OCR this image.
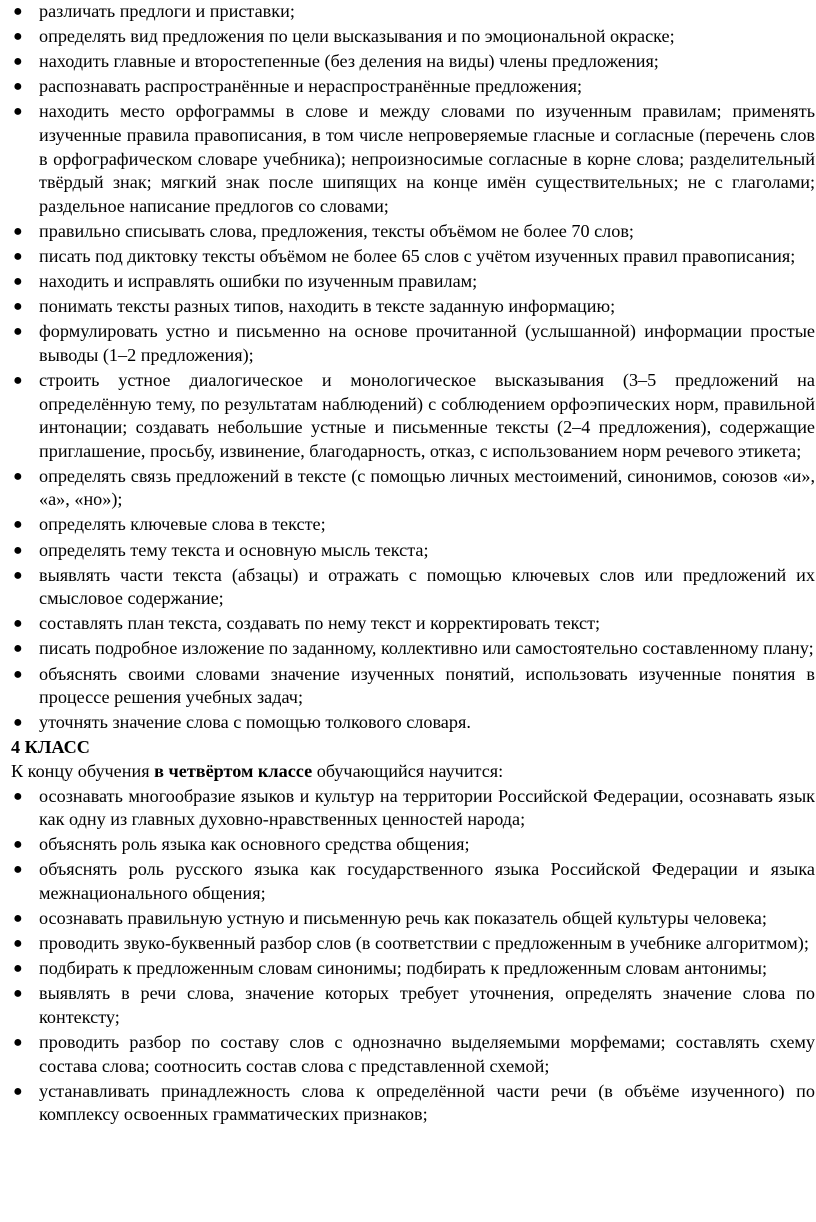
● различать предлоги и приставки;
● определять вид предложения по цели высказывания и по эмоциональной окраске;
● находить главные и второстепенные (без деления на виды) члены предложения;
● распознавать распространённые и нераспространённые предложения;
● находить место орфограммы в слове и между словами по изученным правилам; применять изученные правила правописания, в том числе непроверяемые гласные и согласные (перечень слов в орфографическом словаре учебника); непроизносимые согласные в корне слова; разделительный твёрдый знак; мягкий знак после шипящих на конце имён существительных; не с глаголами; раздельное написание предлогов со словами;
● правильно списывать слова, предложения, тексты объёмом не более 70 слов;
● писать под диктовку тексты объёмом не более 65 слов с учётом изученных правил правописания;
● находить и исправлять ошибки по изученным правилам;
● понимать тексты разных типов, находить в тексте заданную информацию;
● формулировать устно и письменно на основе прочитанной (услышанной) информации простые выводы (1–2 предложения);
● строить устное диалогическое и монологическое высказывания (3–5 предложений на определённую тему, по результатам наблюдений) с соблюдением орфоэпических норм, правильной интонации; создавать небольшие устные и письменные тексты (2–4 предложения), содержащие приглашение, просьбу, извинение, благодарность, отказ, с использованием норм речевого этикета;
● определять связь предложений в тексте (с помощью личных местоимений, синонимов, союзов «и», «а», «но»);
● определять ключевые слова в тексте;
● определять тему текста и основную мысль текста;
● выявлять части текста (абзацы) и отражать с помощью ключевых слов или предложений их смысловое содержание;
● составлять план текста, создавать по нему текст и корректировать текст;
● писать подробное изложение по заданному, коллективно или самостоятельно составленному плану;
● объяснять своими словами значение изученных понятий, использовать изученные понятия в процессе решения учебных задач;
● уточнять значение слова с помощью толкового словаря.

4 КЛАСС

К концу обучения в четвёртом классе обучающийся научится:

● осознавать многообразие языков и культур на территории Российской Федерации, осознавать язык как одну из главных духовно-нравственных ценностей народа;
● объяснять роль языка как основного средства общения;
● объяснять роль русского языка как государственного языка Российской Федерации и языка межнационального общения;
● осознавать правильную устную и письменную речь как показатель общей культуры человека;
● проводить звуко-буквенный разбор слов (в соответствии с предложенным в учебнике алгоритмом);
● подбирать к предложенным словам синонимы; подбирать к предложенным словам антонимы;
● выявлять в речи слова, значение которых требует уточнения, определять значение слова по контексту;
● проводить разбор по составу слов с однозначно выделяемыми морфемами; составлять схему состава слова; соотносить состав слова с представленной схемой;
● устанавливать принадлежность слова к определённой части речи (в объёме изученного) по комплексу освоенных грамматических признаков;
